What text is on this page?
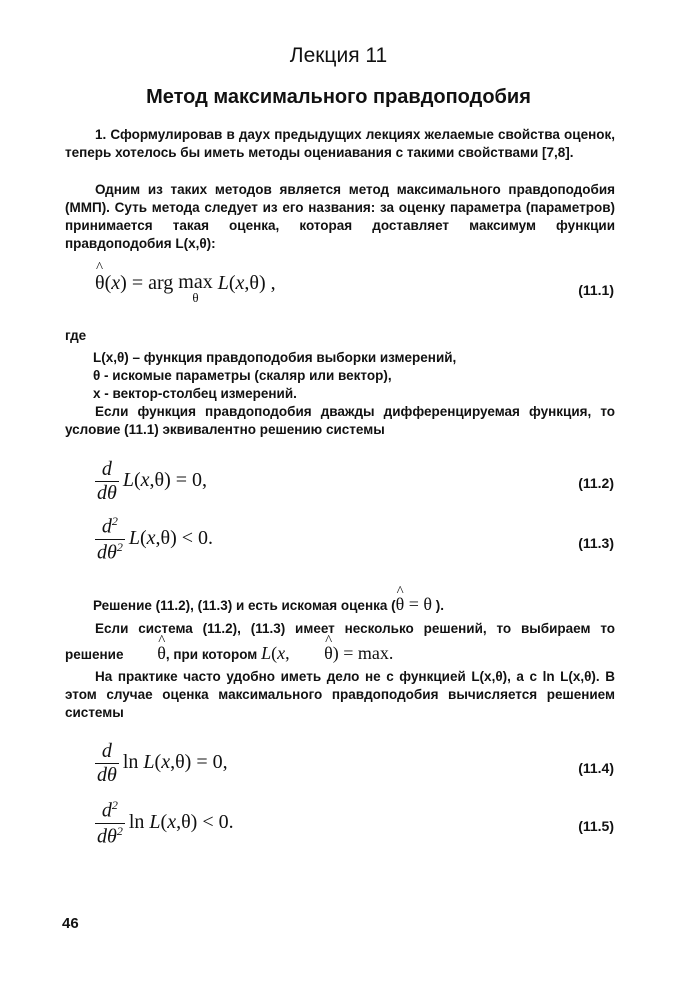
Лекция 11
Метод максимального правдоподобия
1. Сформулировав в даух предыдущих лекциях желаемые свойства оценок, теперь хотелось бы иметь методы оцениавания с такими свойствами [7,8].
Одним из таких методов является метод максимального правдоподобия (ММП). Суть метода следует из его названия: за оценку параметра (параметров) принимается такая оценка, которая доставляет максимум функции правдоподобия L(x,θ):
^ θ(x) = arg max
θ
L(x,θ) ,	(11.1)
где
L(x,θ) – функция правдоподобия выборки измерений,
θ - искомые параметры (скаляр или вектор),
x - вектор-столбец измерений.
Если функция правдоподобия дважды дифференцируемая функция, то условие (11.1) эквивалентно решению системы
$\frac{d}{d\theta} L(x,\theta) = 0$,	(11.2)
$\frac{d^2}{d\theta^2} L(x,\theta) < 0$.	(11.3)
Решение (11.2), (11.3) и есть искомая оценка (^ θ = θ ).
Если система (11.2), (11.3) имеет несколько решений, то выбираем то решение ^ θ, при котором L(x, ^ θ) = max.
На практике часто удобно иметь дело не с функцией L(x,θ), а с ln L(x,θ). В этом случае оценка максимального правдоподобия вычисляется решением системы
$\frac{d}{d\theta}$ ln L(x,θ) = 0,	(11.4)
$\frac{d^2}{d\theta^2}$ ln L(x,θ) < 0.	(11.5)
46
